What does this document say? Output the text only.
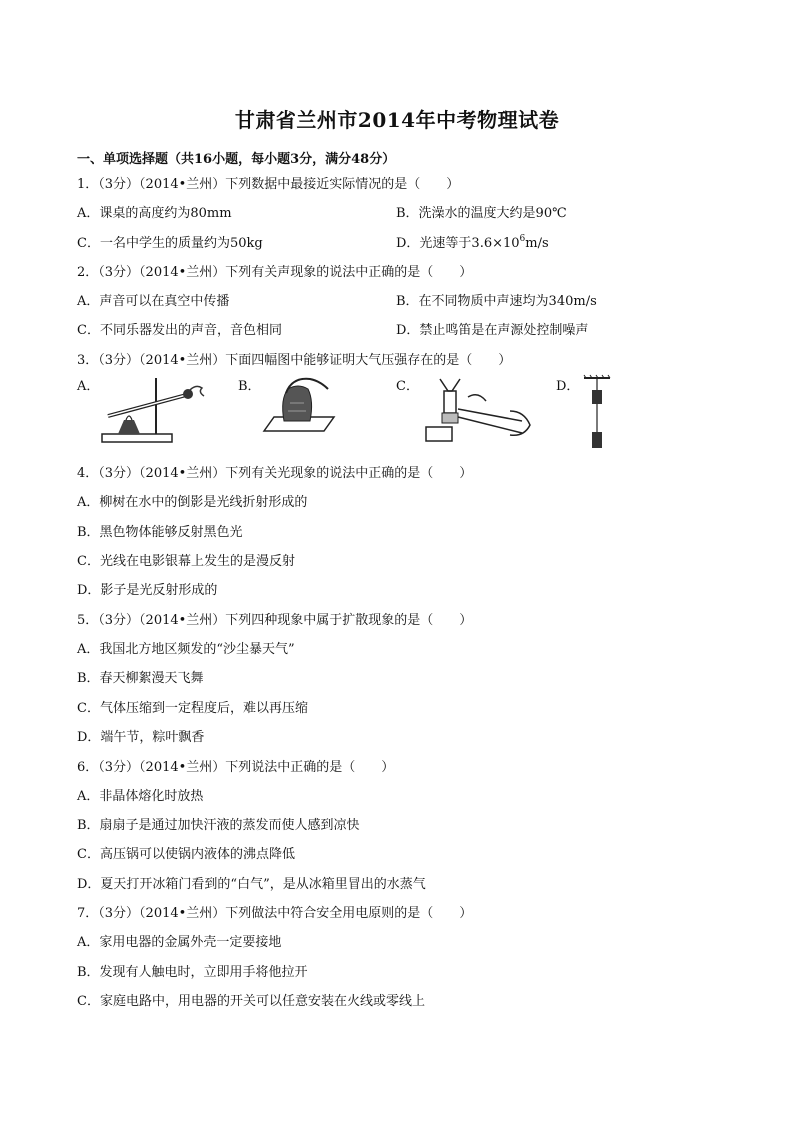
甘肃省兰州市2014年中考物理试卷
一、单项选择题（共16小题，每小题3分，满分48分）
1．（3分）（2014•兰州）下列数据中最接近实际情况的是（　　）
A．课桌的高度约为80mm	B．洗澡水的温度大约是90℃
C．一名中学生的质量约为50kg	D．光速等于$3.6\times 10^6m/s$
2．（3分）（2014•兰州）下列有关声现象的说法中正确的是（　　）
A．声音可以在真空中传播	B．在不同物质中声速均为340m/s
C．不同乐器发出的声音，音色相同	D．禁止鸣笛是在声源处控制噪声
3．（3分）（2014•兰州）下面四幅图中能够证明大气压强存在的是（　　）
A．	B．	C．	D．
4．（3分）（2014•兰州）下列有关光现象的说法中正确的是（　　）
A．柳树在水中的倒影是光线折射形成的
B．黑色物体能够反射黑色光
C．光线在电影银幕上发生的是漫反射
D．影子是光反射形成的
5．（3分）（2014•兰州）下列四种现象中属于扩散现象的是（　　）
A．我国北方地区频发的“沙尘暴天气”
B．春天柳絮漫天飞舞
C．气体压缩到一定程度后，难以再压缩
D．端午节，粽叶飘香
6．（3分）（2014•兰州）下列说法中正确的是（　　）
A．非晶体熔化时放热
B．扇扇子是通过加快汗液的蒸发而使人感到凉快
C．高压锅可以使锅内液体的沸点降低
D．夏天打开冰箱门看到的“白气”，是从冰箱里冒出的水蒸气
7．（3分）（2014•兰州）下列做法中符合安全用电原则的是（　　）
A．家用电器的金属外壳一定要接地
B．发现有人触电时，立即用手将他拉开
C．家庭电路中，用电器的开关可以任意安装在火线或零线上
